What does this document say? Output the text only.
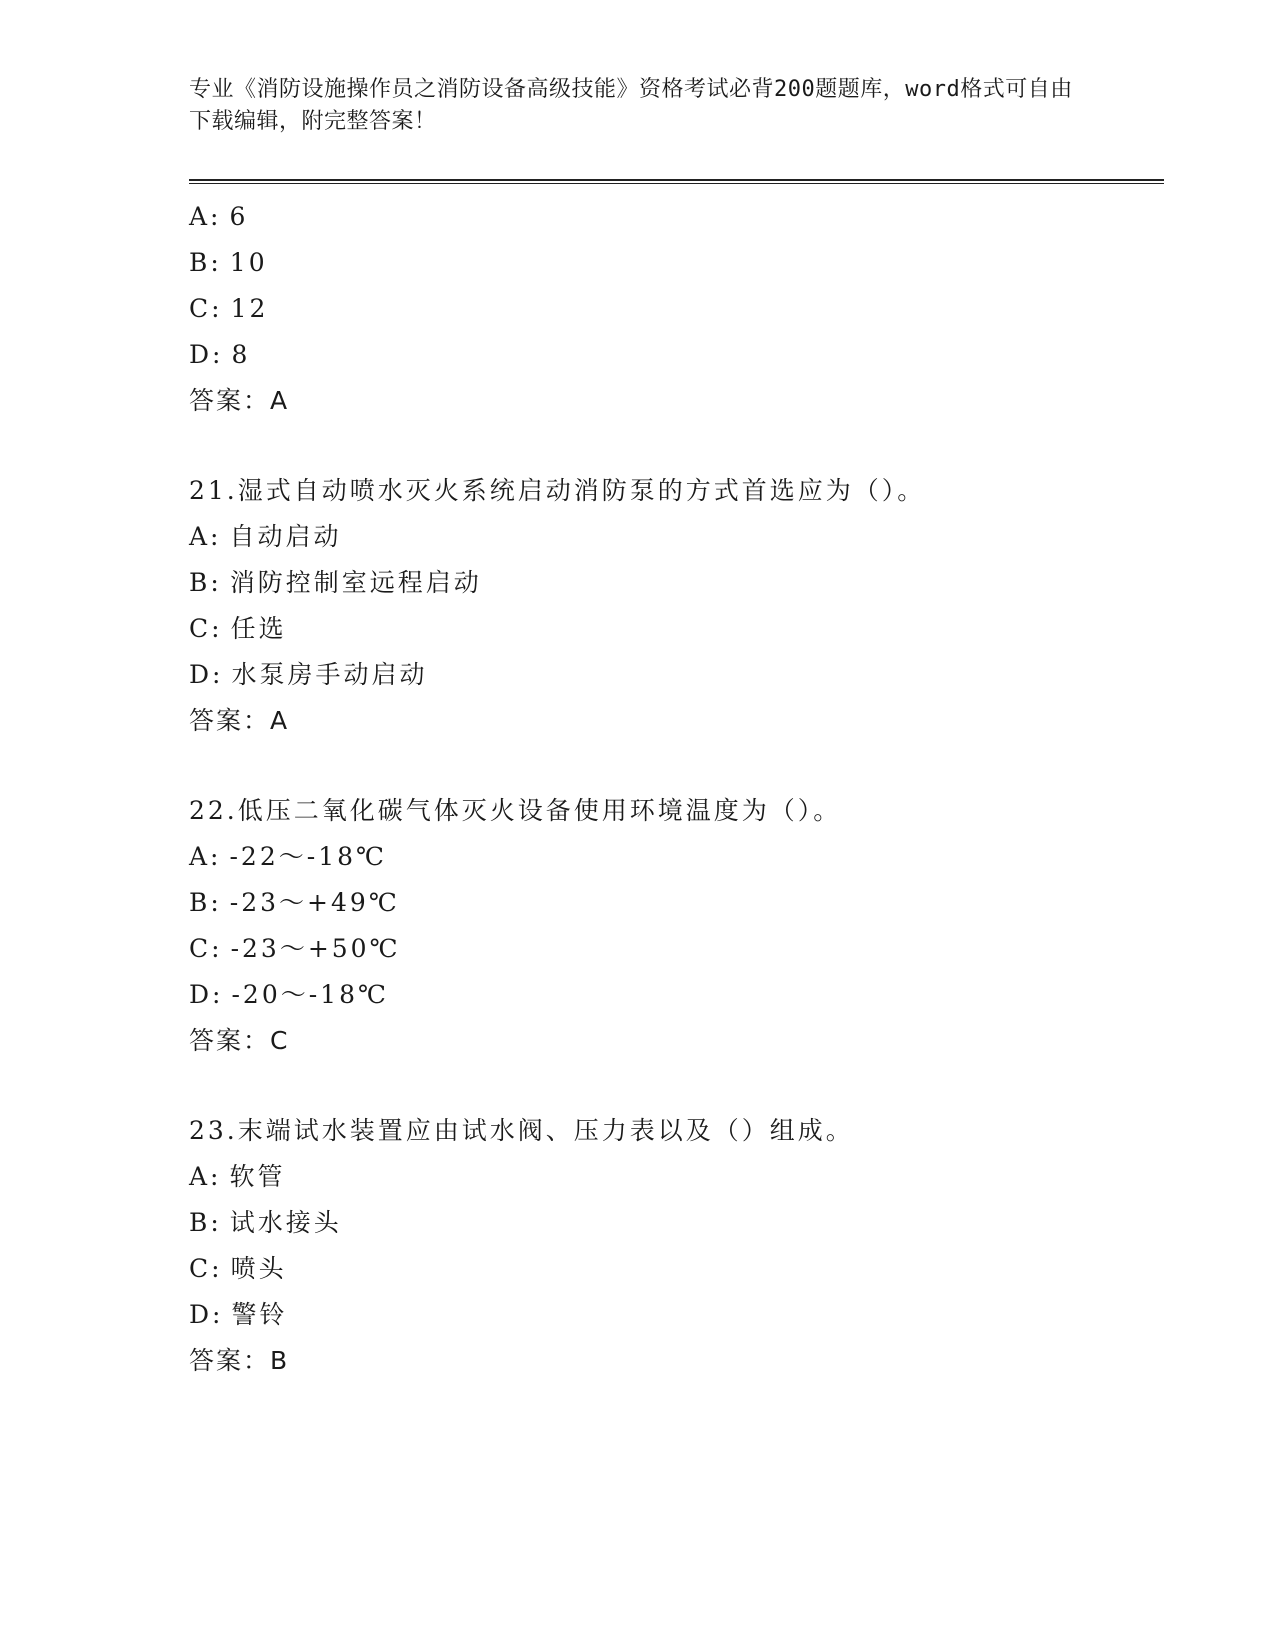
专业《消防设施操作员之消防设备高级技能》资格考试必背200题题库，word格式可自由下载编辑，附完整答案！
A: 6
B: 10
C: 12
D: 8
答案：A
21.湿式自动喷水灭火系统启动消防泵的方式首选应为（）。
A: 自动启动
B: 消防控制室远程启动
C: 任选
D: 水泵房手动启动
答案：A
22.低压二氧化碳气体灭火设备使用环境温度为（）。
A: -22～-18℃
B: -23～+49℃
C: -23～+50℃
D: -20～-18℃
答案：C
23.末端试水装置应由试水阀、压力表以及（）组成。
A: 软管
B: 试水接头
C: 喷头
D: 警铃
答案：B
